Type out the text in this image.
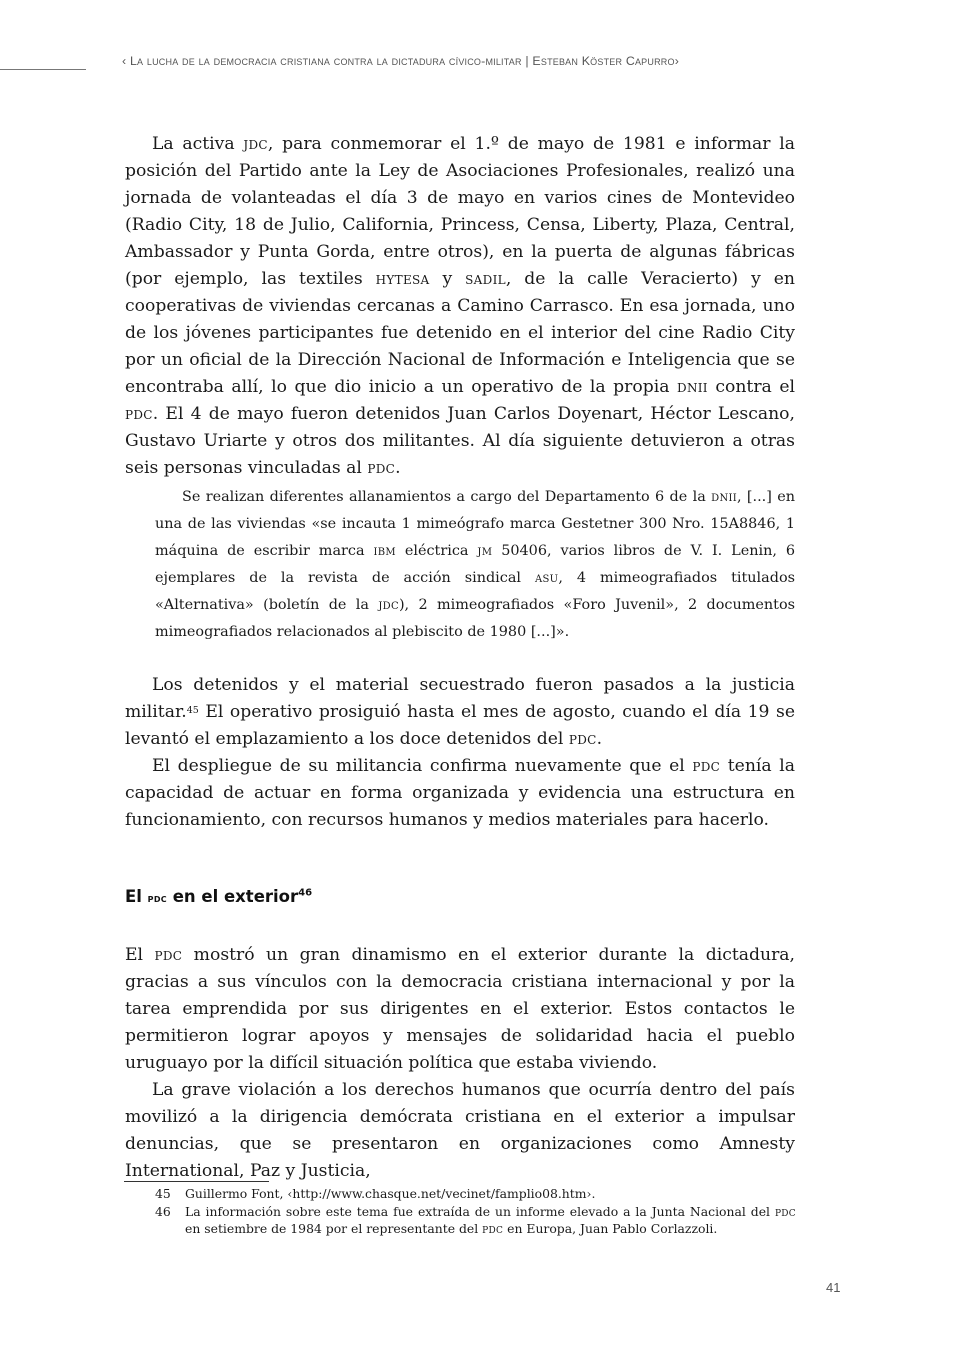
‹ La lucha de la democracia cristiana contra la dictadura cívico-militar | Esteban Köster Capurro›

La activa jdc, para conmemorar el 1.º de mayo de 1981 e informar la posición del Partido ante la Ley de Asociaciones Profesionales, realizó una jornada de volanteadas el día 3 de mayo en varios cines de Montevideo (Radio City, 18 de Julio, California, Princess, Censa, Liberty, Plaza, Central, Ambassador y Punta Gorda, entre otros), en la puerta de algunas fábricas (por ejemplo, las textiles hytesa y sadil, de la calle Veracierto) y en cooperativas de viviendas cercanas a Camino Carrasco. En esa jornada, uno de los jóvenes participantes fue detenido en el interior del cine Radio City por un oficial de la Dirección Nacional de Información e Inteligencia que se encontraba allí, lo que dio inicio a un operativo de la propia dnii contra el pdc. El 4 de mayo fueron detenidos Juan Carlos Doyenart, Héctor Lescano, Gustavo Uriarte y otros dos militantes. Al día siguiente detuvieron a otras seis personas vinculadas al pdc.

Se realizan diferentes allanamientos a cargo del Departamento 6 de la dnii, [...] en una de las viviendas «se incauta 1 mimeógrafo marca Gestetner 300 Nro. 15A8846, 1 máquina de escribir marca ibm eléctrica jm 50406, varios libros de V. I. Lenin, 6 ejemplares de la revista de acción sindical asu, 4 mimeografiados titulados «Alternativa» (boletín de la jdc), 2 mimeografiados «Foro Juvenil», 2 documentos mimeografiados relacionados al plebiscito de 1980 [...]».

Los detenidos y el material secuestrado fueron pasados a la justicia militar.$^{45}$ El operativo prosiguió hasta el mes de agosto, cuando el día 19 se levantó el emplazamiento a los doce detenidos del pdc.

El despliegue de su militancia confirma nuevamente que el pdc tenía la capacidad de actuar en forma organizada y evidencia una estructura en funcionamiento, con recursos humanos y medios materiales para hacerlo.

El pdc en el exterior$^{46}$

El pdc mostró un gran dinamismo en el exterior durante la dictadura, gracias a sus vínculos con la democracia cristiana internacional y por la tarea emprendida por sus dirigentes en el exterior. Estos contactos le permitieron lograr apoyos y mensajes de solidaridad hacia el pueblo uruguayo por la difícil situación política que estaba viviendo.

La grave violación a los derechos humanos que ocurría dentro del país movilizó a la dirigencia demócrata cristiana en el exterior a impulsar denuncias, que se presentaron en organizaciones como Amnesty International, Paz y Justicia,

45	Guillermo Font, ‹http://www.chasque.net/vecinet/famplio08.htm›.
46	La información sobre este tema fue extraída de un informe elevado a la Junta Nacional del pdc en setiembre de 1984 por el representante del pdc en Europa, Juan Pablo Corlazzoli.
41
